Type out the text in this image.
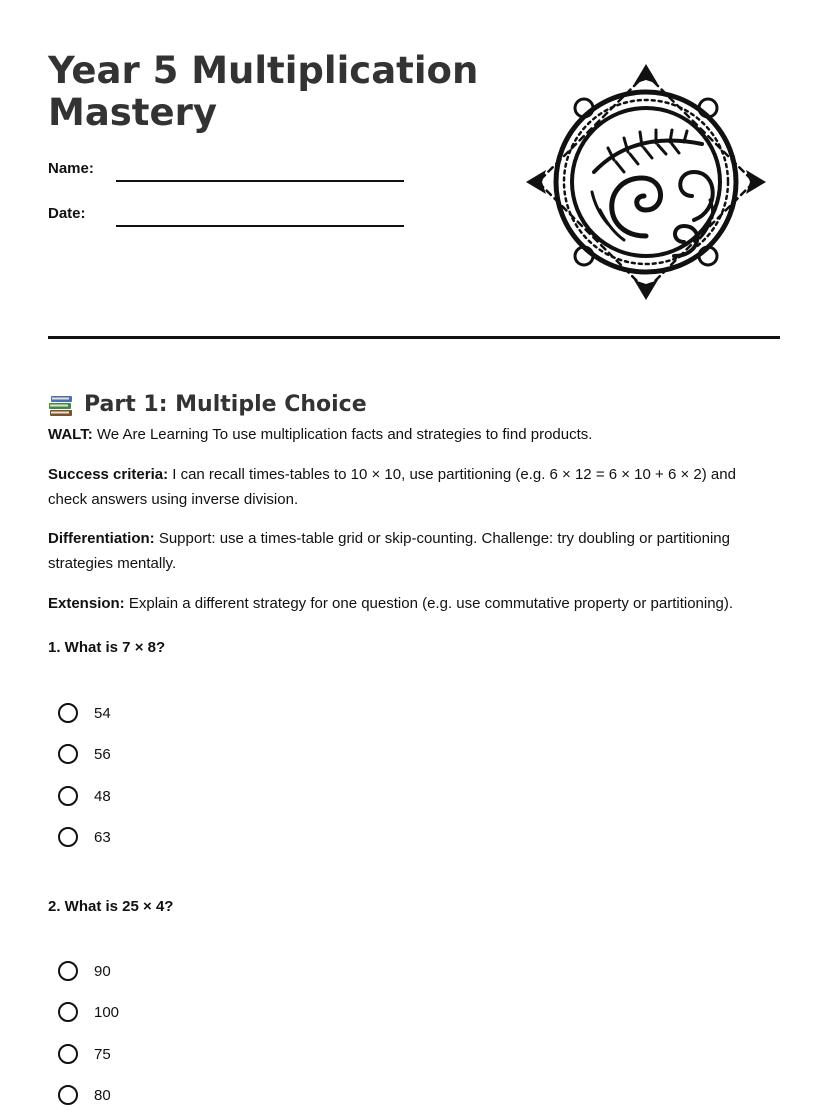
Year 5 Multiplication Mastery
Name:
Date:
Part 1: Multiple Choice

WALT: We Are Learning To use multiplication facts and strategies to find products.

Success criteria: I can recall times-tables to 10 × 10, use partitioning (e.g. 6 × 12 = 6 × 10 + 6 × 2) and check answers using inverse division.

Differentiation: Support: use a times-table grid or skip-counting. Challenge: try doubling or partitioning strategies mentally.

Extension: Explain a different strategy for one question (e.g. use commutative property or partitioning).

1. What is 7 × 8?
54
56
48
63
2. What is 25 × 4?
90
100
75
80
